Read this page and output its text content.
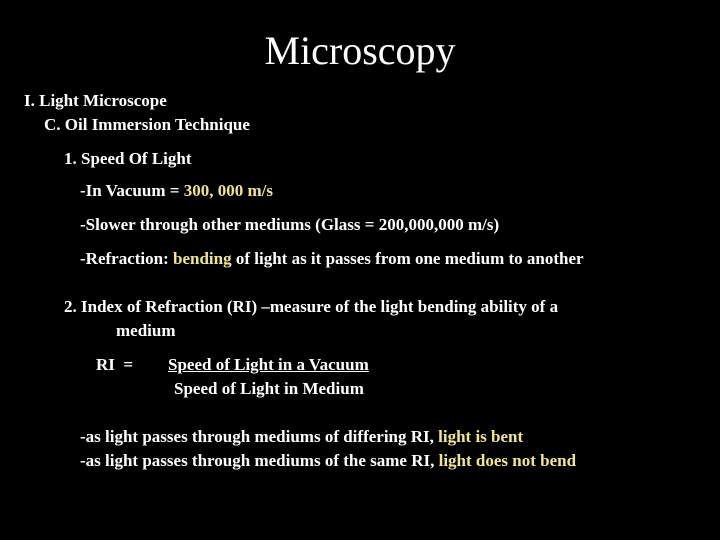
Microscopy
I. Light Microscope
C. Oil Immersion Technique
1. Speed Of Light
-In Vacuum = 300, 000 m/s
-Slower through other mediums (Glass = 200,000,000 m/s)
-Refraction: bending of light as it passes from one medium to another
2. Index of Refraction (RI) –measure of the light bending ability of a
medium
RI  = Speed of Light in a Vacuum
Speed of Light in Medium
-as light passes through mediums of differing RI, light is bent
-as light passes through mediums of the same RI, light does not bend
